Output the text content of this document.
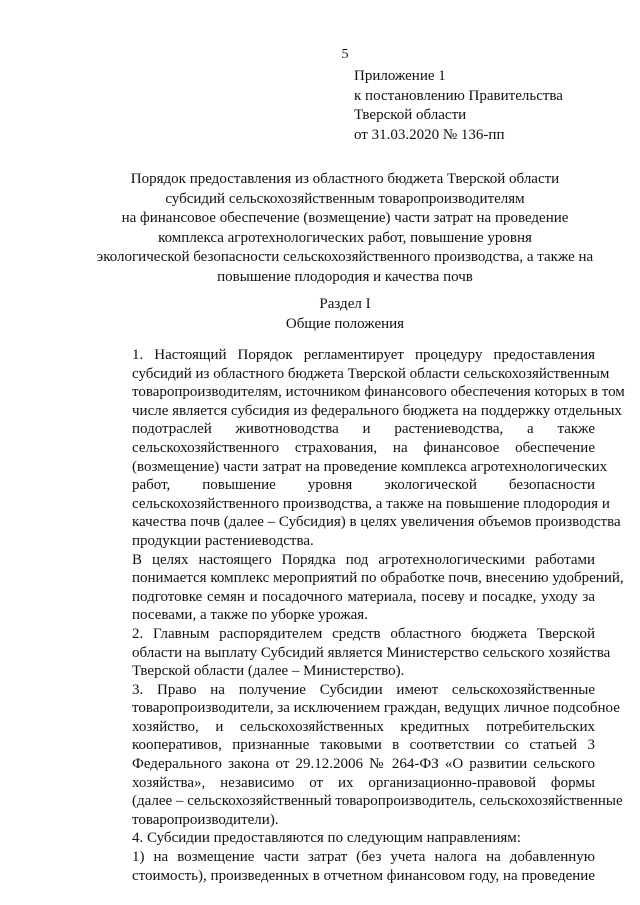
5
Приложение 1
к постановлению Правительства
Тверской области
от 31.03.2020 № 136-пп
Порядок предоставления из областного бюджета Тверской области
субсидий сельскохозяйственным товаропроизводителям
на финансовое обеспечение (возмещение) части затрат на проведение
комплекса агротехнологических работ, повышение уровня
экологической безопасности сельскохозяйственного производства, а также на
повышение плодородия и качества почв
Раздел I
Общие положения

1. Настоящий Порядок регламентирует процедуру предоставления
субсидий из областного бюджета Тверской области сельскохозяйственным
товаропроизводителям, источником финансового обеспечения которых в том
числе является субсидия из федерального бюджета на поддержку отдельных
подотраслей животноводства и растениеводства, а также
сельскохозяйственного страхования, на финансовое обеспечение
(возмещение) части затрат на проведение комплекса агротехнологических
работ, повышение уровня экологической безопасности
сельскохозяйственного производства, а также на повышение плодородия и
качества почв (далее – Субсидия) в целях увеличения объемов производства
продукции растениеводства.

В целях настоящего Порядка под агротехнологическими работами
понимается комплекс мероприятий по обработке почв, внесению удобрений,
подготовке семян и посадочного материала, посеву и посадке, уходу за
посевами, а также по уборке урожая.

2. Главным распорядителем средств областного бюджета Тверской
области на выплату Субсидий является Министерство сельского хозяйства
Тверской области (далее – Министерство).

3. Право на получение Субсидии имеют сельскохозяйственные
товаропроизводители, за исключением граждан, ведущих личное подсобное
хозяйство, и сельскохозяйственных кредитных потребительских
кооперативов, признанные таковыми в соответствии со статьей 3
Федерального закона от 29.12.2006 № 264-ФЗ «О развитии сельского
хозяйства», независимо от их организационно-правовой формы
(далее – сельскохозяйственный товаропроизводитель, сельскохозяйственные
товаропроизводители).

4. Субсидии предоставляются по следующим направлениям:

1) на возмещение части затрат (без учета налога на добавленную
стоимость), произведенных в отчетном финансовом году, на проведение
